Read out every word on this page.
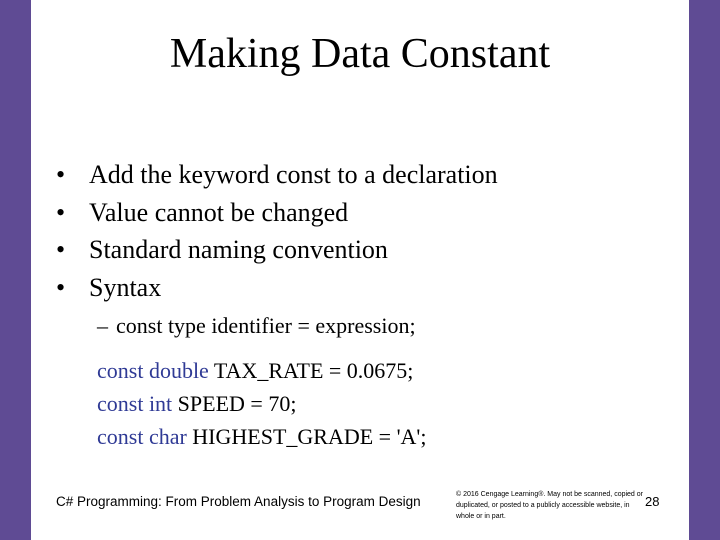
Making Data Constant
• Add the keyword const to a declaration
• Value cannot be changed
• Standard naming convention
• Syntax
– const type identifier = expression;
const double TAX_RATE = 0.0675;
const int SPEED = 70;
const char HIGHEST_GRADE = 'A';
C# Programming: From Problem Analysis to Program Design	© 2016 Cengage Learning®. May not be scanned, copied or duplicated, or posted to a publicly accessible website, in whole or in part.
28
